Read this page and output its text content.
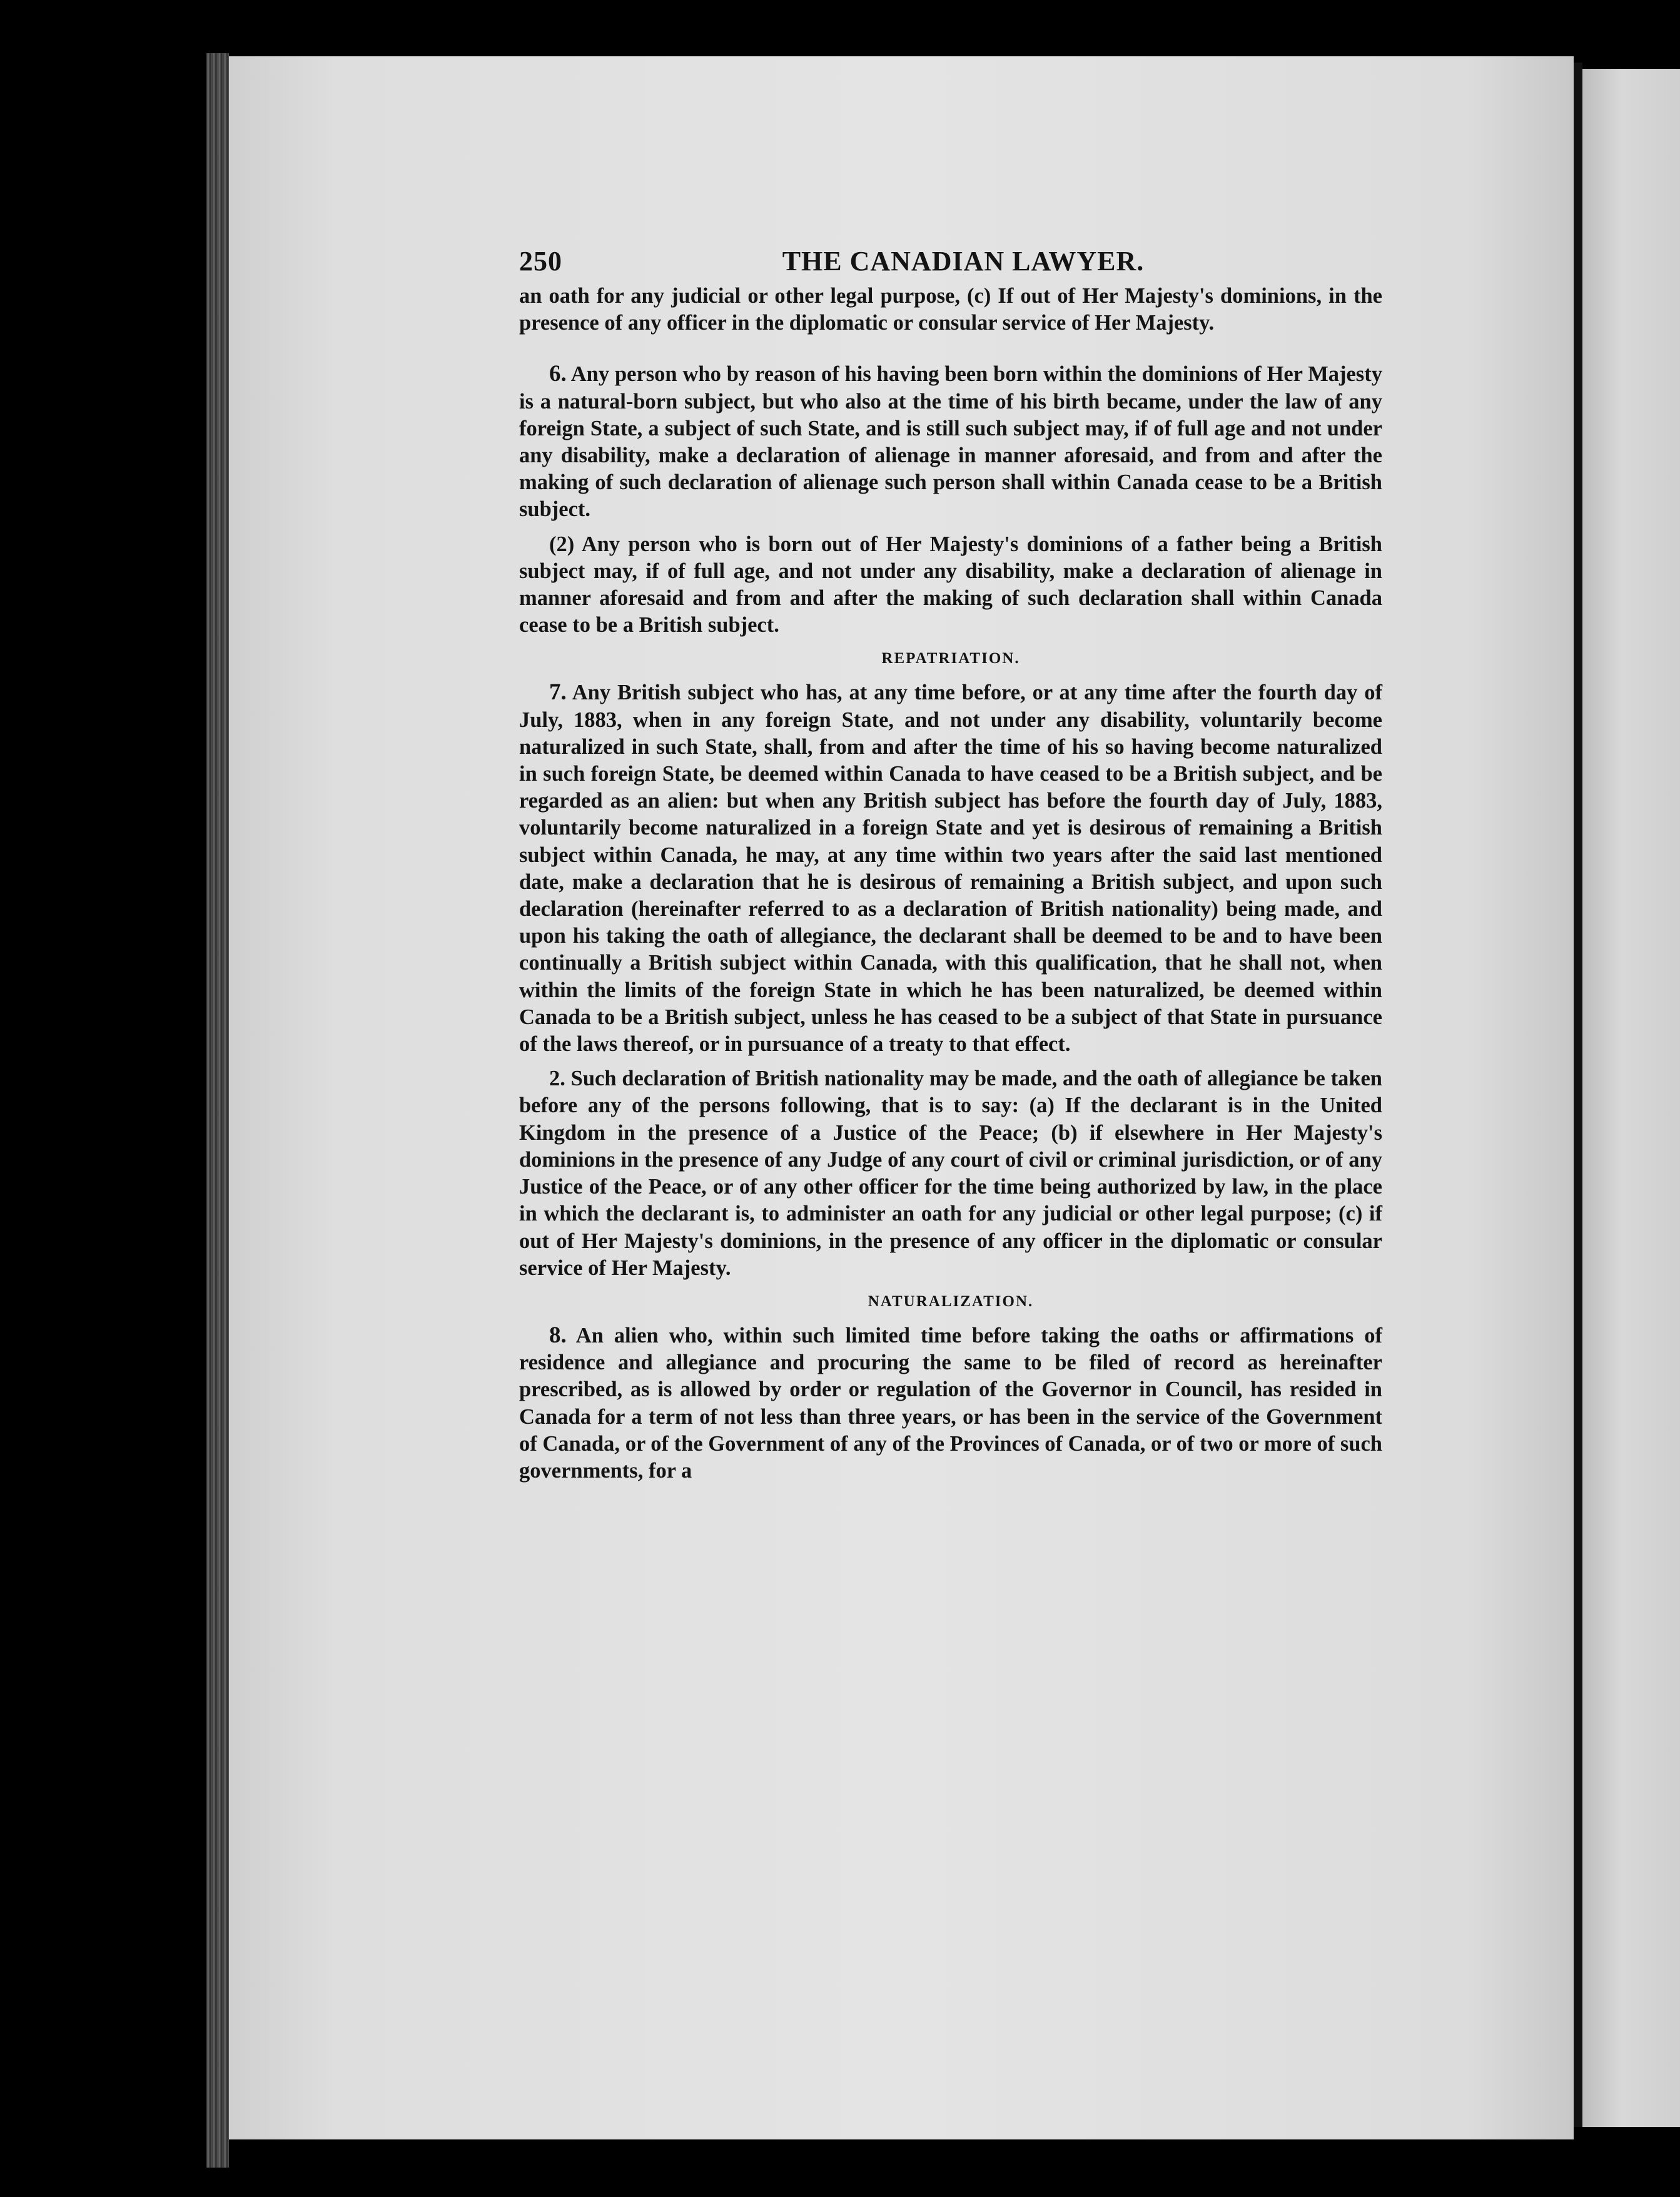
250	THE CANADIAN LAWYER.

an oath for any judicial or other legal purpose, (c) If out of Her Majesty's dominions, in the presence of any officer in the diplomatic or consular service of Her Majesty.

6. Any person who by reason of his having been born within the dominions of Her Majesty is a natural-born subject, but who also at the time of his birth became, under the law of any foreign State, a subject of such State, and is still such subject may, if of full age and not under any disability, make a declaration of alienage in manner aforesaid, and from and after the making of such declaration of alienage such person shall within Canada cease to be a British subject.

(2) Any person who is born out of Her Majesty's dominions of a father being a British subject may, if of full age, and not under any disability, make a declaration of alienage in manner aforesaid and from and after the making of such declaration shall within Canada cease to be a British subject.

REPATRIATION.

7. Any British subject who has, at any time before, or at any time after the fourth day of July, 1883, when in any foreign State, and not under any disability, voluntarily become naturalized in such State, shall, from and after the time of his so having become naturalized in such foreign State, be deemed within Canada to have ceased to be a British subject, and be regarded as an alien: but when any British subject has before the fourth day of July, 1883, voluntarily become naturalized in a foreign State and yet is desirous of remaining a British subject within Canada, he may, at any time within two years after the said last mentioned date, make a declaration that he is desirous of remaining a British subject, and upon such declaration (hereinafter referred to as a declaration of British nationality) being made, and upon his taking the oath of allegiance, the declarant shall be deemed to be and to have been continually a British subject within Canada, with this qualification, that he shall not, when within the limits of the foreign State in which he has been naturalized, be deemed within Canada to be a British subject, unless he has ceased to be a subject of that State in pursuance of the laws thereof, or in pursuance of a treaty to that effect.

2. Such declaration of British nationality may be made, and the oath of allegiance be taken before any of the persons following, that is to say: (a) If the declarant is in the United Kingdom in the presence of a Justice of the Peace; (b) if elsewhere in Her Majesty's dominions in the presence of any Judge of any court of civil or criminal jurisdiction, or of any Justice of the Peace, or of any other officer for the time being authorized by law, in the place in which the declarant is, to administer an oath for any judicial or other legal purpose; (c) if out of Her Majesty's dominions, in the presence of any officer in the diplomatic or consular service of Her Majesty.

NATURALIZATION.

8. An alien who, within such limited time before taking the oaths or affirmations of residence and allegiance and procuring the same to be filed of record as hereinafter prescribed, as is allowed by order or regulation of the Governor in Council, has resided in Canada for a term of not less than three years, or has been in the service of the Government of Canada, or of the Government of any of the Provinces of Canada, or of two or more of such governments, for a
